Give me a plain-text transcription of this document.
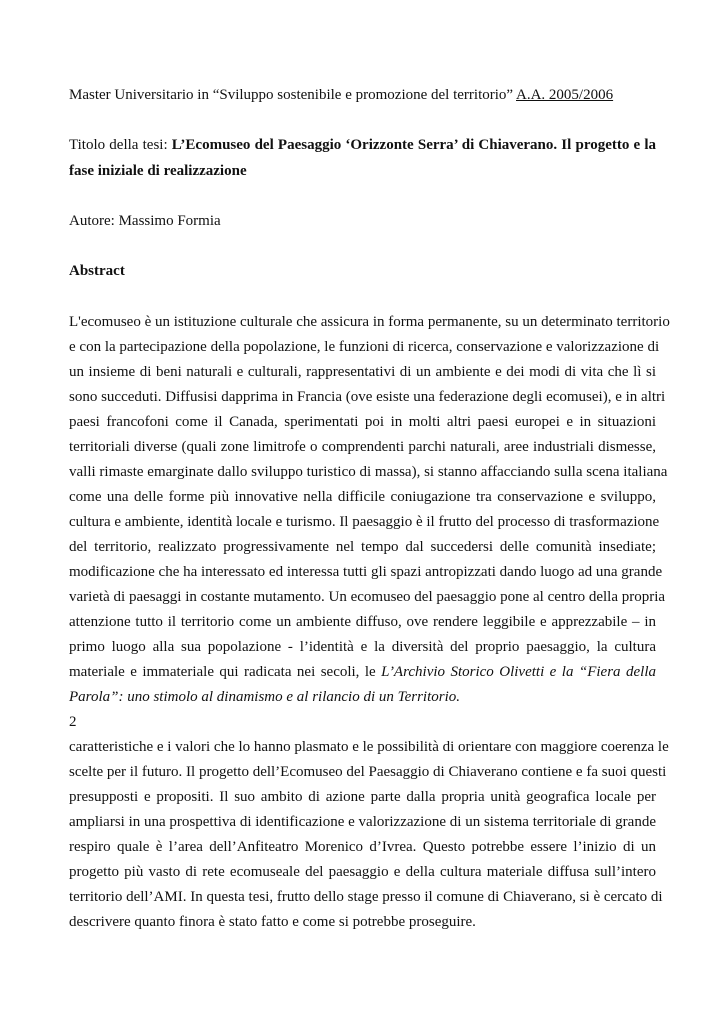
Master Universitario in “Sviluppo sostenibile e promozione del territorio” A.A. 2005/2006
Titolo della tesi: L’Ecomuseo del Paesaggio ‘Orizzonte Serra’ di Chiaverano. Il progetto e la
fase iniziale di realizzazione
Autore: Massimo Formia
Abstract
L'ecomuseo è un istituzione culturale che assicura in forma permanente, su un determinato territorio
e con la partecipazione della popolazione, le funzioni di ricerca, conservazione e valorizzazione di
un insieme di beni naturali e culturali, rappresentativi di un ambiente e dei modi di vita che lì si
sono succeduti. Diffusisi dapprima in Francia (ove esiste una federazione degli ecomusei), e in altri
paesi francofoni come il Canada, sperimentati poi in molti altri paesi europei e in situazioni
territoriali diverse (quali zone limitrofe o comprendenti parchi naturali, aree industriali dismesse,
valli rimaste emarginate dallo sviluppo turistico di massa), si stanno affacciando sulla scena italiana
come una delle forme più innovative nella difficile coniugazione tra conservazione e sviluppo,
cultura e ambiente, identità locale e turismo. Il paesaggio è il frutto del processo di trasformazione
del territorio, realizzato progressivamente nel tempo dal succedersi delle comunità insediate;
modificazione che ha interessato ed interessa tutti gli spazi antropizzati dando luogo ad una grande
varietà di paesaggi in costante mutamento. Un ecomuseo del paesaggio pone al centro della propria
attenzione tutto il territorio come un ambiente diffuso, ove rendere leggibile e apprezzabile – in
primo luogo alla sua popolazione - l’identità e la diversità del proprio paesaggio, la cultura
materiale e immateriale qui radicata nei secoli, le L’Archivio Storico Olivetti e la “Fiera della
Parola”: uno stimolo al dinamismo e al rilancio di un Territorio.
2
caratteristiche e i valori che lo hanno plasmato e le possibilità di orientare con maggiore coerenza le
scelte per il futuro. Il progetto dell’Ecomuseo del Paesaggio di Chiaverano contiene e fa suoi questi
presupposti e propositi. Il suo ambito di azione parte dalla propria unità geografica locale per
ampliarsi in una prospettiva di identificazione e valorizzazione di un sistema territoriale di grande
respiro quale è l’area dell’Anfiteatro Morenico d’Ivrea. Questo potrebbe essere l’inizio di un
progetto più vasto di rete ecomuseale del paesaggio e della cultura materiale diffusa sull’intero
territorio dell’AMI. In questa tesi, frutto dello stage presso il comune di Chiaverano, si è cercato di
descrivere quanto finora è stato fatto e come si potrebbe proseguire.
